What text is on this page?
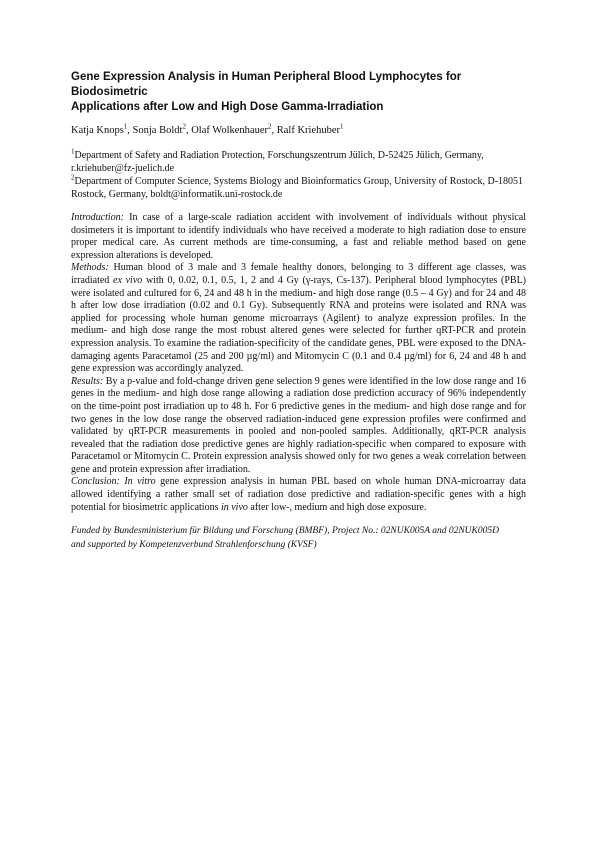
Gene Expression Analysis in Human Peripheral Blood Lymphocytes for Biodosimetric
Applications after Low and High Dose Gamma-Irradiation
Katja Knops$^1$, Sonja Boldt$^2$, Olaf Wolkenhauer$^2$, Ralf Kriehuber$^1$

$^1$Department of Safety and Radiation Protection, Forschungszentrum Jülich, D-52425 Jülich, Germany, r.kriehuber@fz-juelich.de

$^2$Department of Computer Science, Systems Biology and Bioinformatics Group, University of Rostock, D-18051 Rostock, Germany, boldt@informatik.uni-rostock.de

Introduction: In case of a large-scale radiation accident with involvement of individuals without physical dosimeters it is important to identify individuals who have received a moderate to high radiation dose to ensure proper medical care. As current methods are time-consuming, a fast and reliable method based on gene expression alterations is developed.

Methods: Human blood of 3 male and 3 female healthy donors, belonging to 3 different age classes, was irradiated ex vivo with 0, 0.02, 0.1, 0.5, 1, 2 and 4 Gy (γ-rays, Cs-137). Peripheral blood lymphocytes (PBL) were isolated and cultured for 6, 24 and 48 h in the medium- and high dose range (0.5 – 4 Gy) and for 24 and 48 h after low dose irradiation (0.02 and 0.1 Gy). Subsequently RNA and proteins were isolated and RNA was applied for processing whole human genome microarrays (Agilent) to analyze expression profiles. In the medium- and high dose range the most robust altered genes were selected for further qRT-PCR and protein expression analysis. To examine the radiation-specificity of the candidate genes, PBL were exposed to the DNA-damaging agents Paracetamol (25 and 200 µg/ml) and Mitomycin C (0.1 and 0.4 µg/ml) for 6, 24 and 48 h and gene expression was accordingly analyzed.

Results: By a p-value and fold-change driven gene selection 9 genes were identified in the low dose range and 16 genes in the medium- and high dose range allowing a radiation dose prediction accuracy of 96% independently on the time-point post irradiation up to 48 h. For 6 predictive genes in the medium- and high dose range and for two genes in the low dose range the observed radiation-induced gene expression profiles were confirmed and validated by qRT-PCR measurements in pooled and non-pooled samples. Additionally, qRT-PCR analysis revealed that the radiation dose predictive genes are highly radiation-specific when compared to exposure with Paracetamol or Mitomycin C. Protein expression analysis showed only for two genes a weak correlation between gene and protein expression after irradiation.

Conclusion: In vitro gene expression analysis in human PBL based on whole human DNA-microarray data allowed identifying a rather small set of radiation dose predictive and radiation-specific genes with a high potential for biosimetric applications in vivo after low-, medium and high dose exposure.

Funded by Bundesministerium für Bildung und Forschung (BMBF), Project No.: 02NUK005A and 02NUK005D

and supported by Kompetenzverbund Strahlenforschung (KVSF)
